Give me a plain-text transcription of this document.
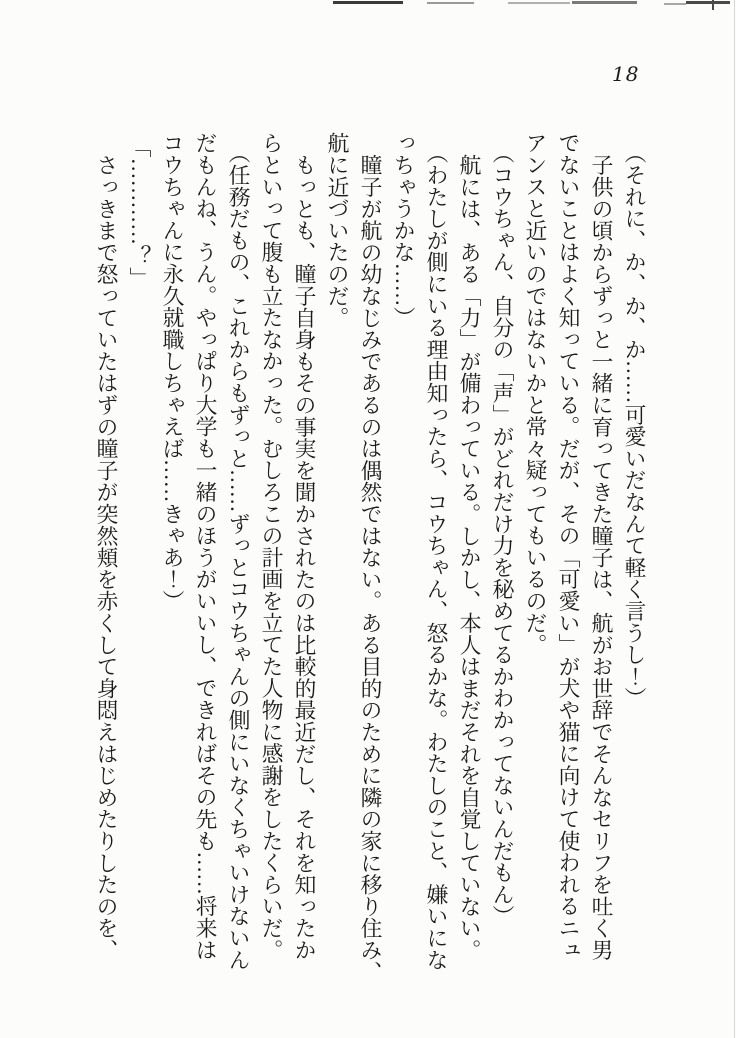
18
（それに、か、か、か……可愛いだなんて軽く言うし！）
子供の頃からずっと一緒に育ってきた瞳子は、航がお世辞でそんなセリフを吐く男
でないことはよく知っている。だが、その「可愛い」が犬や猫に向けて使われるニュ
アンスと近いのではないかと常々疑ってもいるのだ。
（コウちゃん、自分の「声」がどれだけ力を秘めてるかわかってないんだもん）
航には、ある「力」が備わっている。しかし、本人はまだそれを自覚していない。
（わたしが側にいる理由知ったら、コウちゃん、怒るかな。わたしのこと、嫌いにな
っちゃうかな……）
瞳子が航の幼なじみであるのは偶然ではない。ある目的のために隣の家に移り住み、
航に近づいたのだ。
もっとも、瞳子自身もその事実を聞かされたのは比較的最近だし、それを知ったか
らといって腹も立たなかった。むしろこの計画を立てた人物に感謝をしたくらいだ。
（任務だもの、これからもずっと……ずっとコウちゃんの側にいなくちゃいけないん
だもんね、うん。やっぱり大学も一緒のほうがいいし、できればその先も……将来は
コウちゃんに永久就職しちゃえば……きゃあ！）
「…………？」
さっきまで怒っていたはずの瞳子が突然頬を赤くして身悶えはじめたりしたのを、
